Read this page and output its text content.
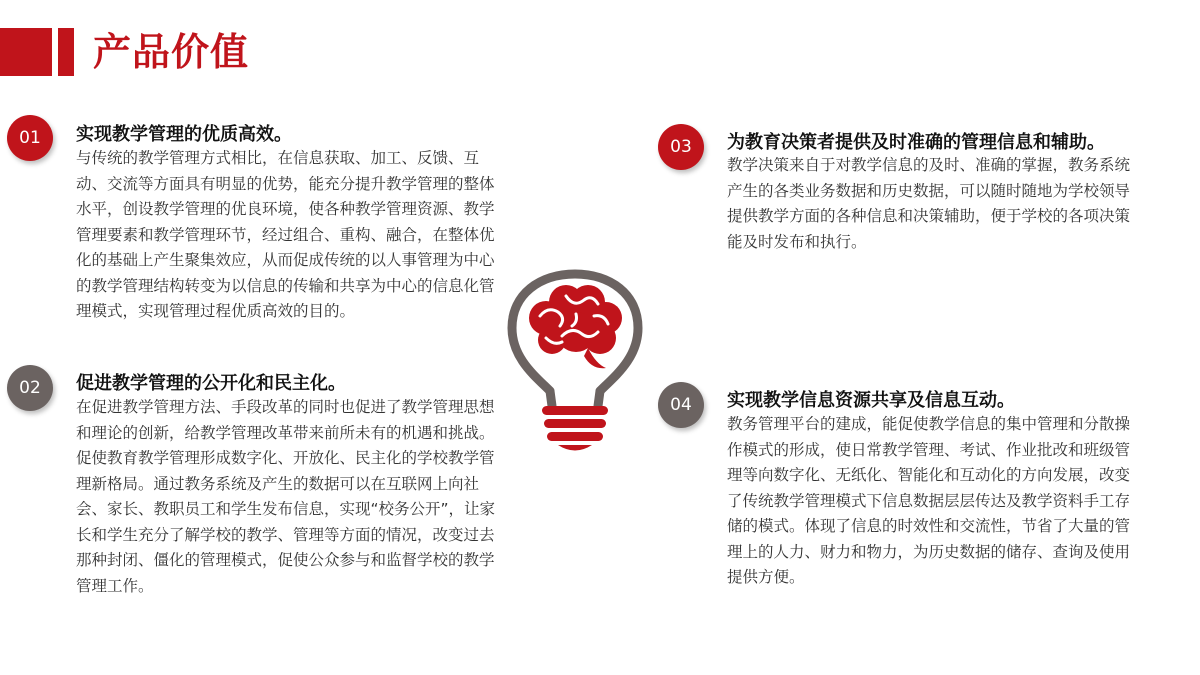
产品价值
01	实现教学管理的优质高效。
与传统的教学管理方式相比，在信息获取、加工、反馈、互动、交流等方面具有明显的优势，能充分提升教学管理的整体水平，创设教学管理的优良环境，使各种教学管理资源、教学管理要素和教学管理环节，经过组合、重构、融合，在整体优化的基础上产生聚集效应，从而促成传统的以人事管理为中心的教学管理结构转变为以信息的传输和共享为中心的信息化管理模式，实现管理过程优质高效的目的。
02	促进教学管理的公开化和民主化。
在促进教学管理方法、手段改革的同时也促进了教学管理思想和理论的创新，给教学管理改革带来前所未有的机遇和挑战。促使教育教学管理形成数字化、开放化、民主化的学校教学管理新格局。通过教务系统及产生的数据可以在互联网上向社会、家长、教职员工和学生发布信息，实现“校务公开”，让家长和学生充分了解学校的教学、管理等方面的情况，改变过去那种封闭、僵化的管理模式，促使公众参与和监督学校的教学管理工作。
03	为教育决策者提供及时准确的管理信息和辅助。
教学决策来自于对教学信息的及时、准确的掌握，教务系统产生的各类业务数据和历史数据，可以随时随地为学校领导提供教学方面的各种信息和决策辅助，便于学校的各项决策能及时发布和执行。
04	实现教学信息资源共享及信息互动。
教务管理平台的建成，能促使教学信息的集中管理和分散操作模式的形成，使日常教学管理、考试、作业批改和班级管理等向数字化、无纸化、智能化和互动化的方向发展，改变了传统教学管理模式下信息数据层层传达及教学资料手工存储的模式。体现了信息的时效性和交流性，节省了大量的管理上的人力、财力和物力，为历史数据的储存、查询及使用提供方便。
